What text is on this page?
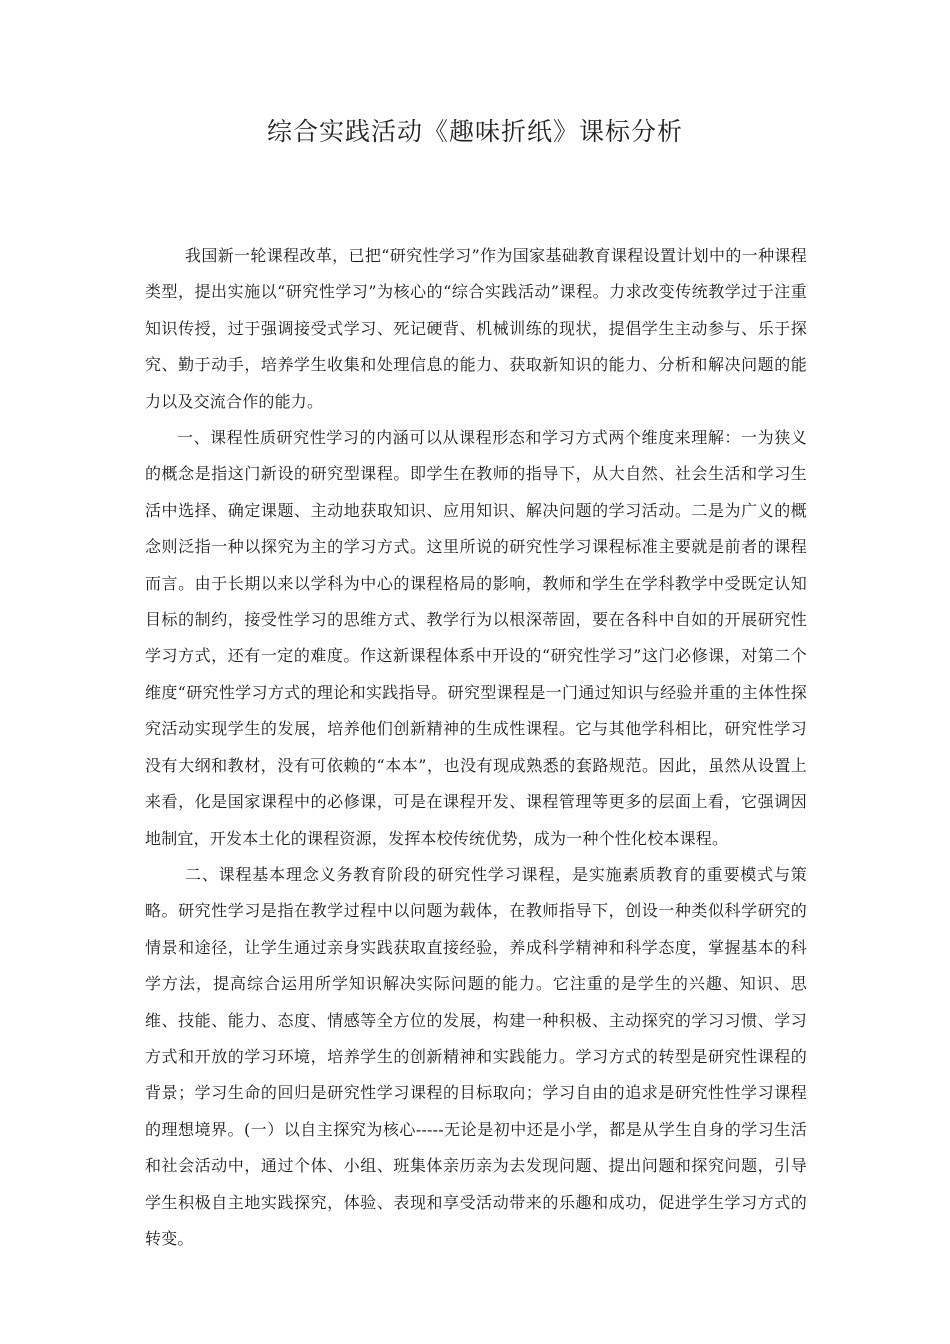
综合实践活动《趣味折纸》课标分析

我国新一轮课程改革，已把“研究性学习”作为国家基础教育课程设置计划中的一种课程类型，提出实施以“研究性学习”为核心的“综合实践活动”课程。力求改变传统教学过于注重知识传授，过于强调接受式学习、死记硬背、机械训练的现状，提倡学生主动参与、乐于探究、勤于动手，培养学生收集和处理信息的能力、获取新知识的能力、分析和解决问题的能力以及交流合作的能力。

一、课程性质研究性学习的内涵可以从课程形态和学习方式两个维度来理解：一为狭义的概念是指这门新设的研究型课程。即学生在教师的指导下，从大自然、社会生活和学习生活中选择、确定课题、主动地获取知识、应用知识、解决问题的学习活动。二是为广义的概念则泛指一种以探究为主的学习方式。这里所说的研究性学习课程标准主要就是前者的课程而言。由于长期以来以学科为中心的课程格局的影响，教师和学生在学科教学中受既定认知目标的制约，接受性学习的思维方式、教学行为以根深蒂固，要在各科中自如的开展研究性学习方式，还有一定的难度。作这新课程体系中开设的“研究性学习”这门必修课，对第二个维度“研究性学习方式的理论和实践指导。研究型课程是一门通过知识与经验并重的主体性探究活动实现学生的发展，培养他们创新精神的生成性课程。它与其他学科相比，研究性学习没有大纲和教材，没有可依赖的“本本”，也没有现成熟悉的套路规范。因此，虽然从设置上来看，化是国家课程中的必修课，可是在课程开发、课程管理等更多的层面上看，它强调因地制宜，开发本土化的课程资源，发挥本校传统优势，成为一种个性化校本课程。

二、课程基本理念义务教育阶段的研究性学习课程，是实施素质教育的重要模式与策略。研究性学习是指在教学过程中以问题为载体，在教师指导下，创设一种类似科学研究的情景和途径，让学生通过亲身实践获取直接经验，养成科学精神和科学态度，掌握基本的科学方法，提高综合运用所学知识解决实际问题的能力。它注重的是学生的兴趣、知识、思维、技能、能力、态度、情感等全方位的发展，构建一种积极、主动探究的学习习惯、学习方式和开放的学习环境，培养学生的创新精神和实践能力。学习方式的转型是研究性课程的背景；学习生命的回归是研究性学习课程的目标取向；学习自由的追求是研究性性学习课程的理想境界。(一）以自主探究为核心-----无论是初中还是小学，都是从学生自身的学习生活和社会活动中，通过个体、小组、班集体亲历亲为去发现问题、提出问题和探究问题，引导学生积极自主地实践探究，体验、表现和享受活动带来的乐趣和成功，促进学生学习方式的转变。
